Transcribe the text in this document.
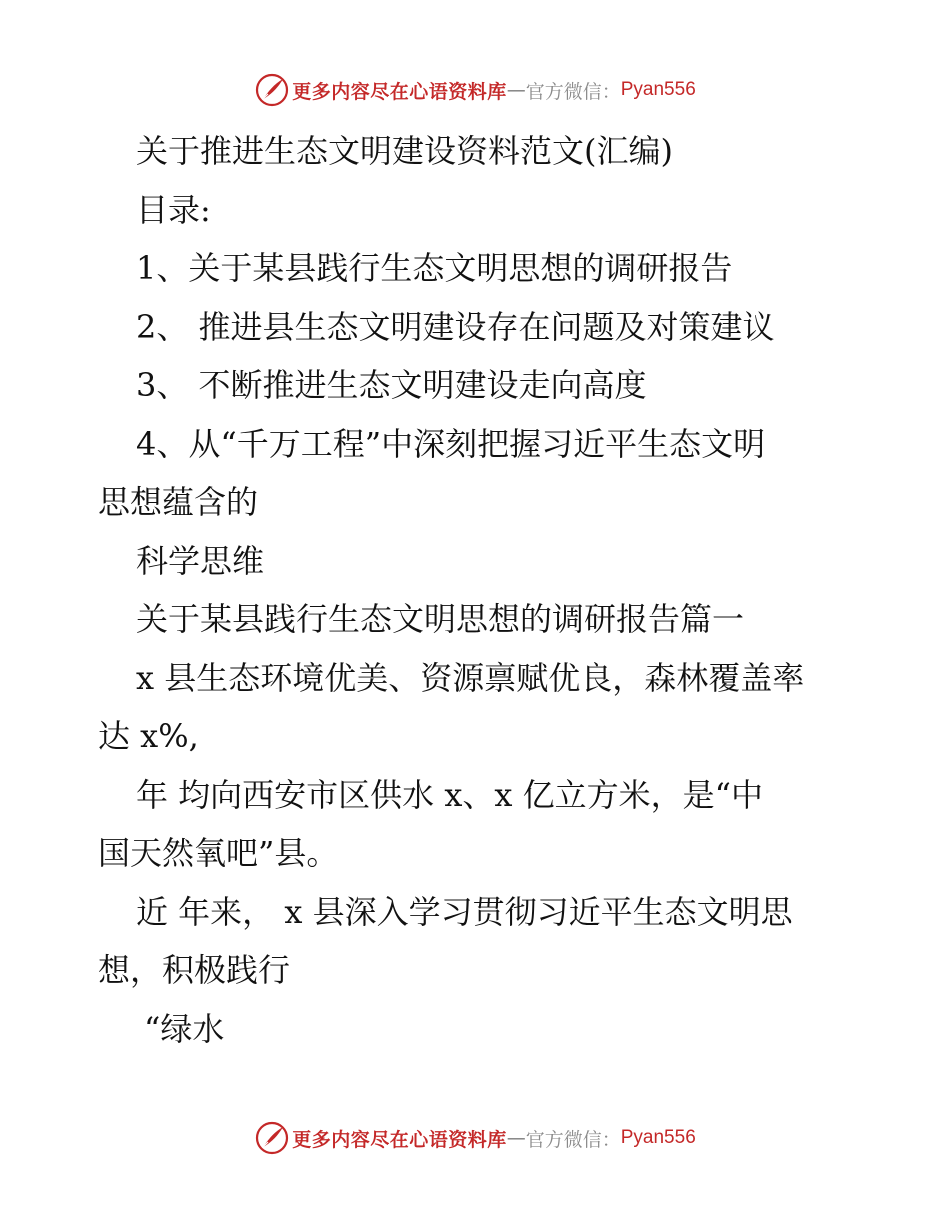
更多内容尽在心语资料库 — 官方微信： Pyan556

关于推进生态文明建设资料范文(汇编)

目录:

1、关于某县践行生态文明思想的调研报告

2、 推进县生态文明建设存在问题及对策建议

3、 不断推进生态文明建设走向高度

4、从“千万工程”中深刻把握习近平生态文明

思想蕴含的

科学思维

关于某县践行生态文明思想的调研报告篇一

x 县生态环境优美、资源禀赋优良，森林覆盖率

达 x%,

年 均向西安市区供水 x、x 亿立方米，是“中

国天然氧吧”县。

近 年来， x 县深入学习贯彻习近平生态文明思

想，积极践行

“绿水

更多内容尽在心语资料库 — 官方微信： Pyan556
